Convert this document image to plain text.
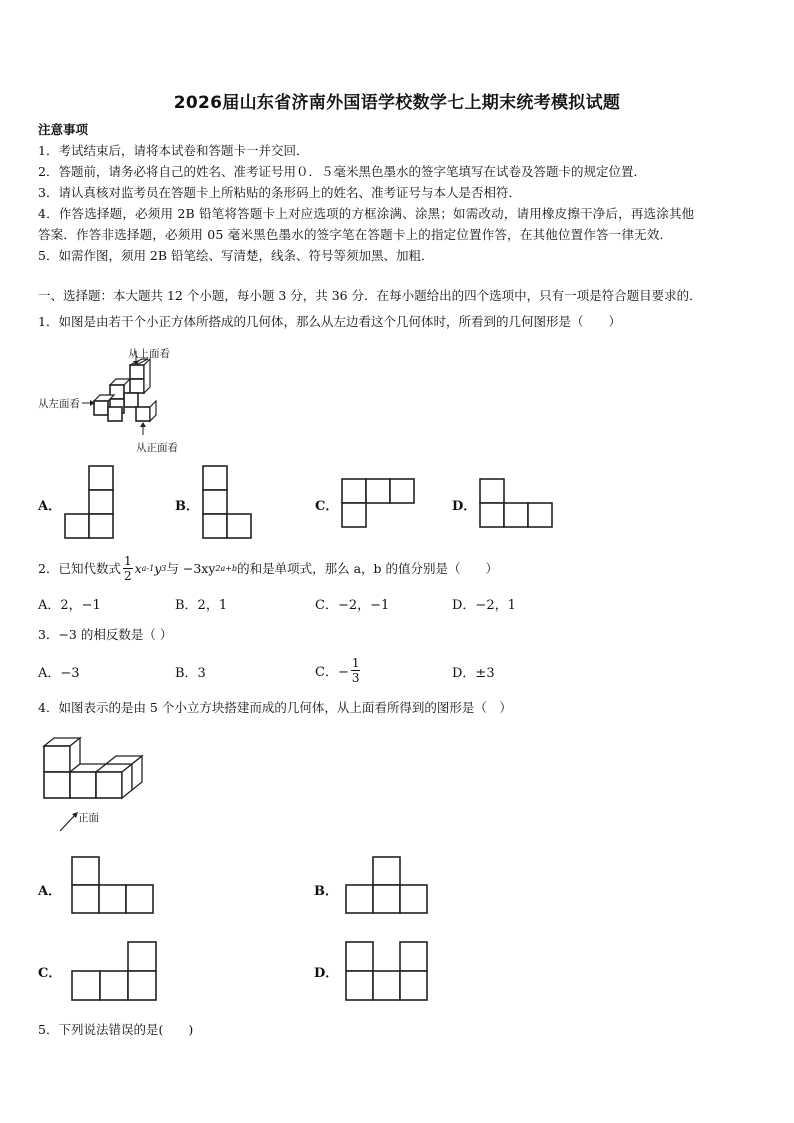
2026届山东省济南外国语学校数学七上期末统考模拟试题
注意事项
1．考试结束后，请将本试卷和答题卡一并交回．
2．答题前，请务必将自己的姓名、准考证号用０．５毫米黑色墨水的签字笔填写在试卷及答题卡的规定位置．
3．请认真核对监考员在答题卡上所粘贴的条形码上的姓名、准考证号与本人是否相符．
4．作答选择题，必须用 2B 铅笔将答题卡上对应选项的方框涂满、涂黑；如需改动，请用橡皮擦干净后，再选涂其他
答案．作答非选择题，必须用 05 毫米黑色墨水的签字笔在答题卡上的指定位置作答，在其他位置作答一律无效．
5．如需作图，须用 2B 铅笔绘、写清楚，线条、符号等须加黑、加粗．
一、选择题：本大题共 12 个小题，每小题 3 分，共 36 分．在每小题给出的四个选项中，只有一项是符合题目要求的．
1．如图是由若干个小正方体所搭成的几何体，那么从左边看这个几何体时，所看到的几何图形是（　　）
从上面看
从左面看
从正面看
A．	B．	C．	D．
2．已知代数式 $\frac{1}{2}$ x a-1 y 3 与 −3xy 2a+b 的和是单项式，那么 a，b 的值分别是（　　）
A．2，−1	B．2，1	C．−2，−1	D．−2，1
3．−3 的相反数是（ ）
A．−3	B．3	C．− $\frac{1}{3}$	D．±3
4．如图表示的是由 5 个小立方块搭建而成的几何体，从上面看所得到的图形是（　）
正面
A．	B．
C．	D．
5．下列说法错误的是(　　)
